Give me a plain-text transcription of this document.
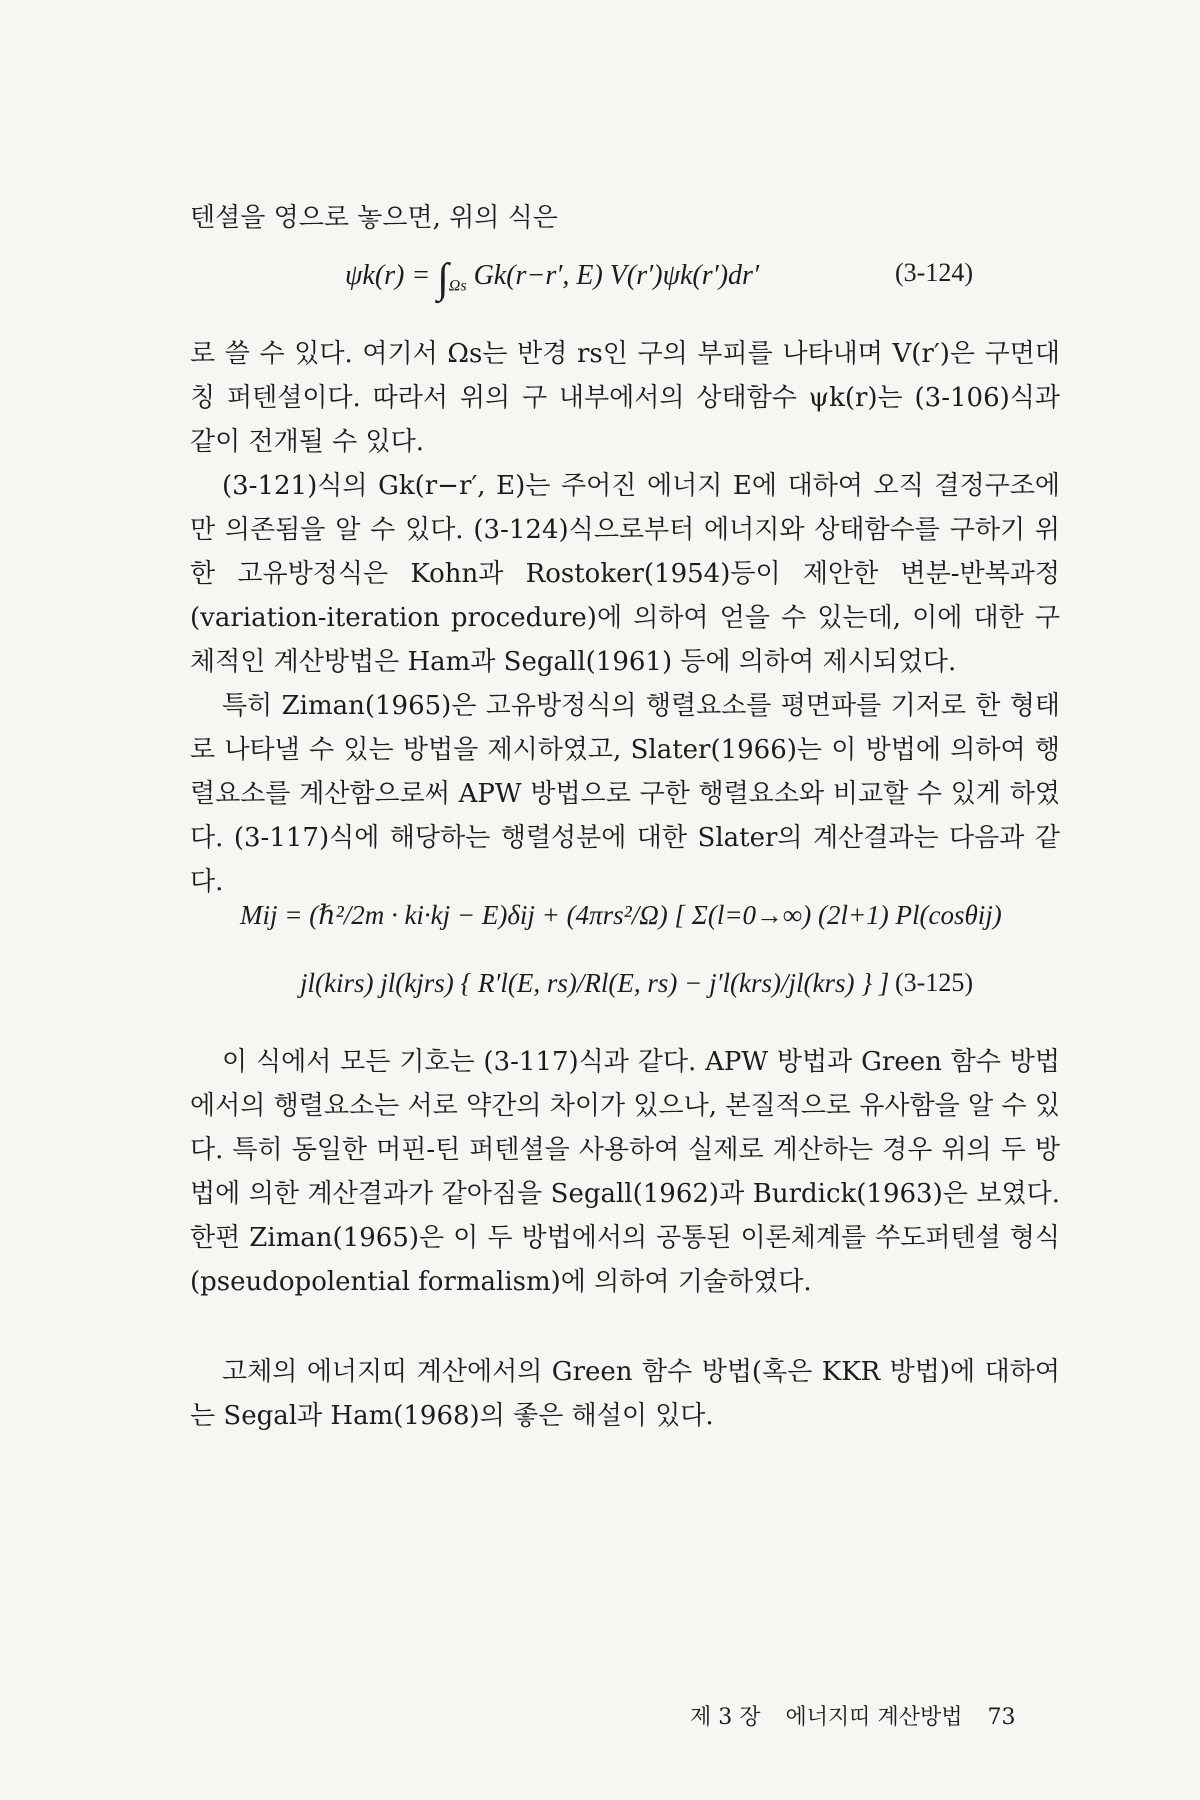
텐셜을 영으로 놓으면, 위의 식은

$\psi k(r) = \int_{\Omega s}$ Gk(r−r′, E) V(r′)ψk(r′)dr′	(3-124)

로 쓸 수 있다. 여기서 Ωs는 반경 rs인 구의 부피를 나타내며 V(r′)은 구면대칭 퍼텐셜이다. 따라서 위의 구 내부에서의 상태함수 ψk(r)는 (3-106)식과 같이 전개될 수 있다.

(3-121)식의 Gk(r−r′, E)는 주어진 에너지 E에 대하여 오직 결정구조에만 의존됨을 알 수 있다. (3-124)식으로부터 에너지와 상태함수를 구하기 위한 고유방정식은 Kohn과 Rostoker(1954)등이 제안한 변분-반복과정 (variation-iteration procedure)에 의하여 얻을 수 있는데, 이에 대한 구체적인 계산방법은 Ham과 Segall(1961) 등에 의하여 제시되었다.

특히 Ziman(1965)은 고유방정식의 행렬요소를 평면파를 기저로 한 형태로 나타낼 수 있는 방법을 제시하였고, Slater(1966)는 이 방법에 의하여 행렬요소를 계산함으로써 APW 방법으로 구한 행렬요소와 비교할 수 있게 하였다. (3-117)식에 해당하는 행렬성분에 대한 Slater의 계산결과는 다음과 같다.

Mij = (ℏ²/2m · ki·kj − E)δij + (4πrs²/Ω) [ Σ(l=0→∞) (2l+1) Pl(cosθij)
jl(kirs) jl(kjrs) { R′l(E, rs)/Rl(E, rs) − j′l(krs)/jl(krs) } ] (3-125)

이 식에서 모든 기호는 (3-117)식과 같다. APW 방법과 Green 함수 방법에서의 행렬요소는 서로 약간의 차이가 있으나, 본질적으로 유사함을 알 수 있다. 특히 동일한 머핀-틴 퍼텐셜을 사용하여 실제로 계산하는 경우 위의 두 방법에 의한 계산결과가 같아짐을 Segall(1962)과 Burdick(1963)은 보였다. 한편 Ziman(1965)은 이 두 방법에서의 공통된 이론체계를 쑤도퍼텐셜 형식 (pseudopolential formalism)에 의하여 기술하였다.

고체의 에너지띠 계산에서의 Green 함수 방법(혹은 KKR 방법)에 대하여는 Segal과 Ham(1968)의 좋은 해설이 있다.

제 3 장 에너지띠 계산방법 73
